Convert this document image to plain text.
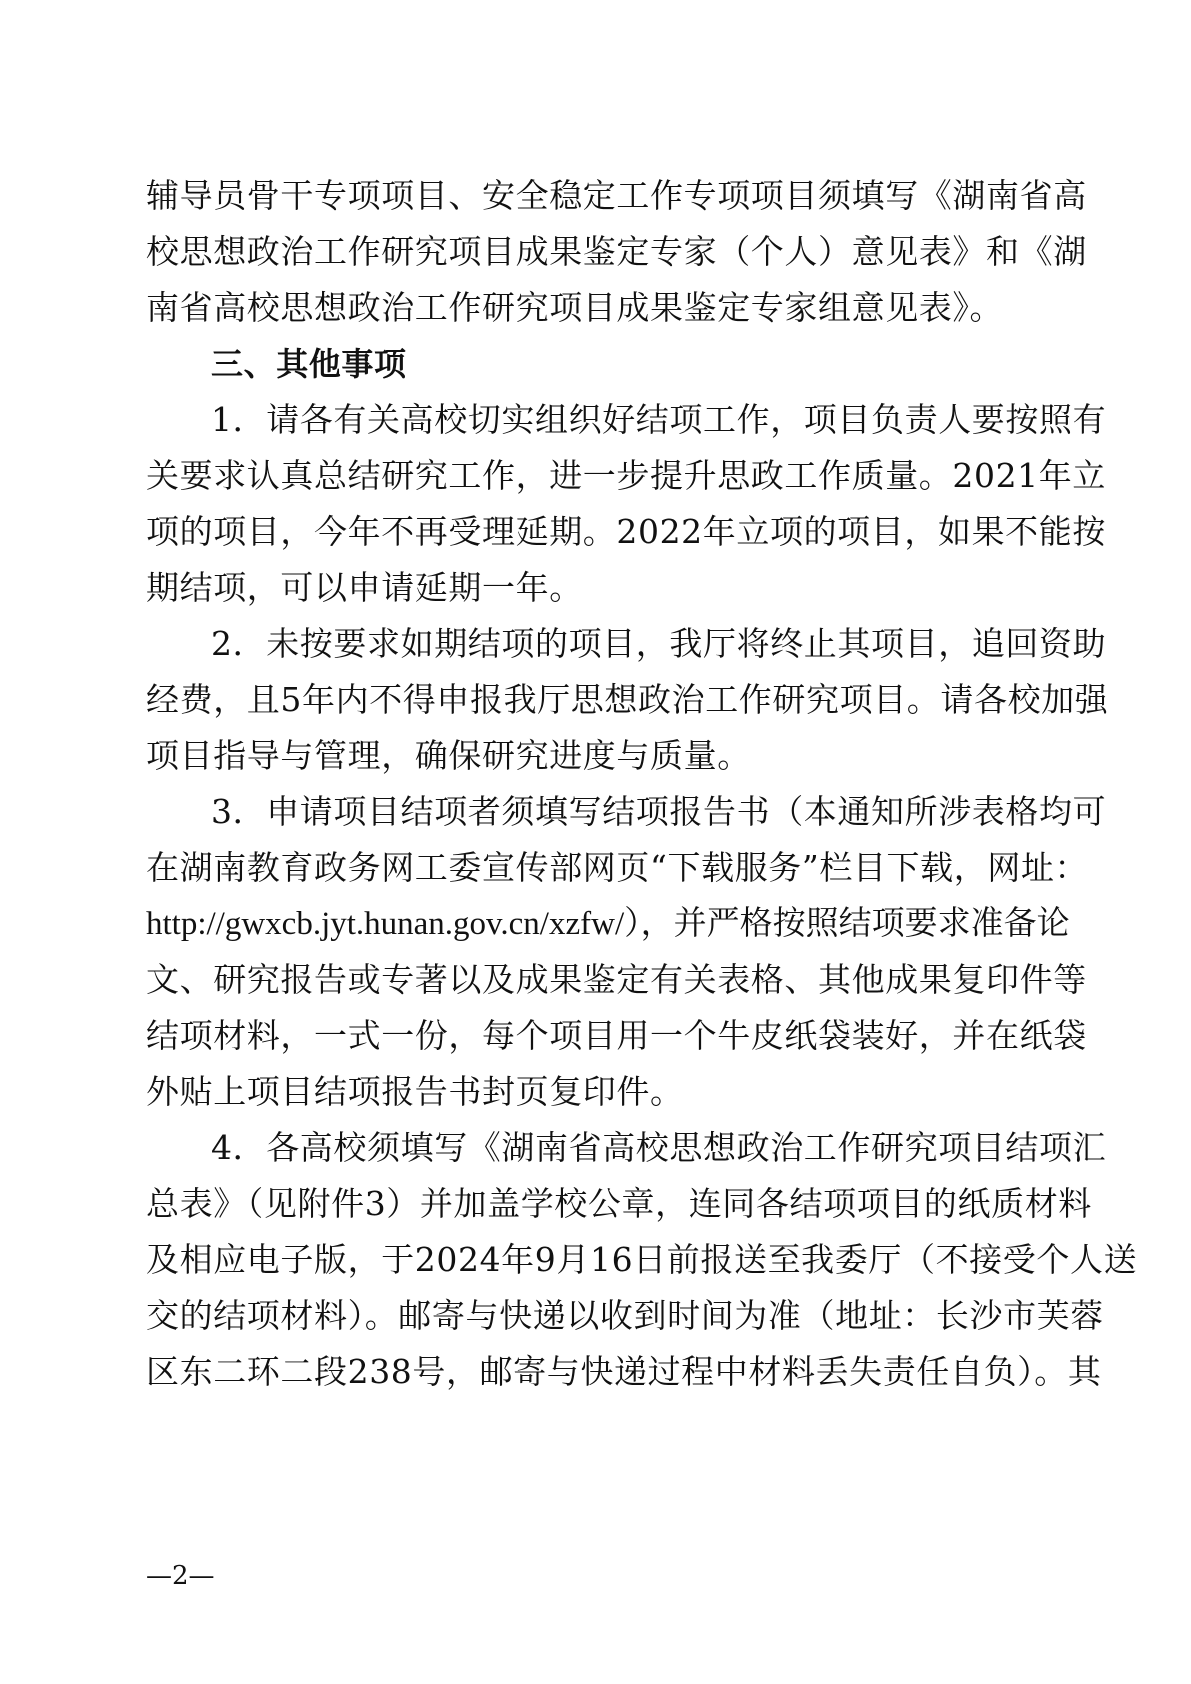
辅导员骨干专项项目、安全稳定工作专项项目须填写《湖南省高
校思想政治工作研究项目成果鉴定专家（个人）意见表》和《湖
南省高校思想政治工作研究项目成果鉴定专家组意见表》。
三、其他事项
1．请各有关高校切实组织好结项工作，项目负责人要按照有
关要求认真总结研究工作，进一步提升思政工作质量。2021年立
项的项目，今年不再受理延期。2022年立项的项目，如果不能按
期结项，可以申请延期一年。
2．未按要求如期结项的项目，我厅将终止其项目，追回资助
经费，且5年内不得申报我厅思想政治工作研究项目。请各校加强
项目指导与管理，确保研究进度与质量。
3．申请项目结项者须填写结项报告书（本通知所涉表格均可
在湖南教育政务网工委宣传部网页“下载服务”栏目下载，网址：
http://gwxcb.jyt.hunan.gov.cn/xzfw/），并严格按照结项要求准备论
文、研究报告或专著以及成果鉴定有关表格、其他成果复印件等
结项材料，一式一份，每个项目用一个牛皮纸袋装好，并在纸袋
外贴上项目结项报告书封页复印件。
4．各高校须填写《湖南省高校思想政治工作研究项目结项汇
总表》（见附件3）并加盖学校公章，连同各结项项目的纸质材料
及相应电子版，于2024年9月16日前报送至我委厅（不接受个人送
交的结项材料）。邮寄与快递以收到时间为准（地址：长沙市芙蓉
区东二环二段238号，邮寄与快递过程中材料丢失责任自负）。其
—2—
